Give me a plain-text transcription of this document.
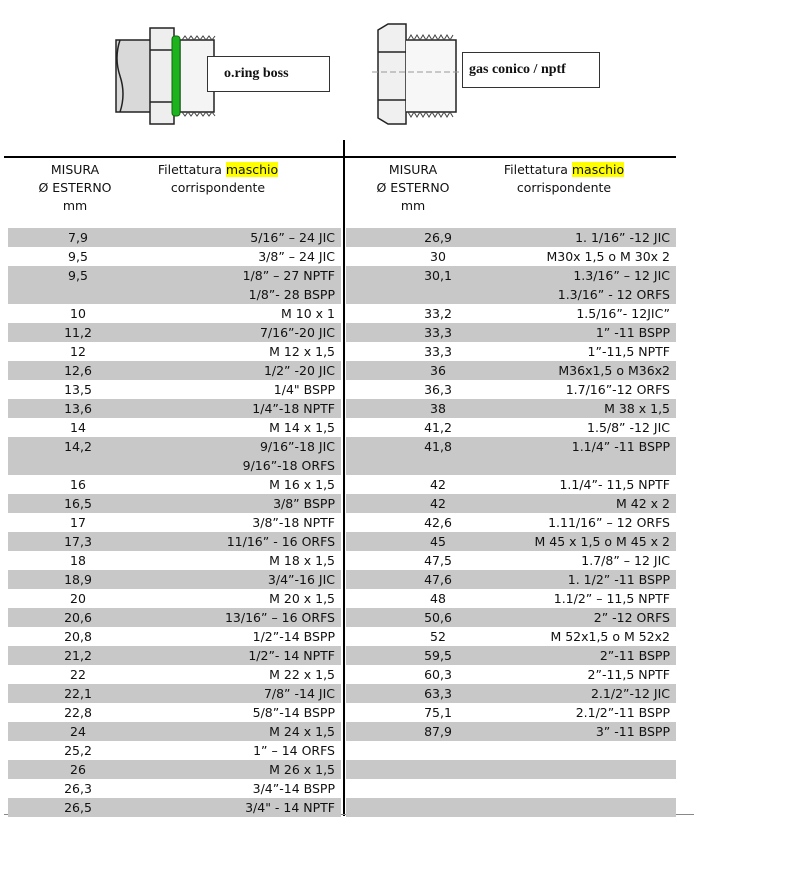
o.ring boss	gas conico / nptf
MISURA
Ø ESTERNO
mm
Filettatura maschio
corrispondente
MISURA
Ø ESTERNO
mm
Filettatura maschio
corrispondente
7,9	5/16” – 24 JIC
9,5	3/8” – 24 JIC
9,5	1/8” – 27 NPTF
1/8”- 28 BSPP
10	M 10 x 1
11,2	7/16”-20 JIC
12	M 12 x 1,5
12,6	1/2” -20 JIC
13,5	1/4" BSPP
13,6	1/4”-18 NPTF
14	M 14 x 1,5
14,2	9/16”-18 JIC
9/16”-18 ORFS
16	M 16 x 1,5
16,5	3/8” BSPP
17	3/8”-18 NPTF
17,3	11/16” - 16 ORFS
18	M 18 x 1,5
18,9	3/4”-16 JIC
20	M 20 x 1,5
20,6	13/16” – 16 ORFS
20,8	1/2”-14 BSPP
21,2	1/2”- 14 NPTF
22	M 22 x 1,5
22,1	7/8” -14 JIC
22,8	5/8”-14 BSPP
24	M 24 x 1,5
25,2	1” – 14 ORFS
26	M 26 x 1,5
26,3	3/4”-14 BSPP
26,5	3/4" - 14 NPTF
26,9	1. 1/16” -12 JIC
30	M30x 1,5 o M 30x 2
30,1	1.3/16” – 12 JIC
1.3/16” - 12 ORFS
33,2	1.5/16”- 12JIC”
33,3	1” -11 BSPP
33,3	1”-11,5 NPTF
36	M36x1,5 o M36x2
36,3	1.7/16”-12 ORFS
38	M 38 x 1,5
41,2	1.5/8” -12 JIC
41,8	1.1/4” -11 BSPP
42	1.1/4”- 11,5 NPTF
42	M 42 x 2
42,6	1.11/16” – 12 ORFS
45	M 45 x 1,5 o M 45 x 2
47,5	1.7/8” – 12 JIC
47,6	1. 1/2” -11 BSPP
48	1.1/2” – 11,5 NPTF
50,6	2” -12 ORFS
52	M 52x1,5 o M 52x2
59,5	2”-11 BSPP
60,3	2”-11,5 NPTF
63,3	2.1/2”-12 JIC
75,1	2.1/2”-11 BSPP
87,9	3” -11 BSPP
